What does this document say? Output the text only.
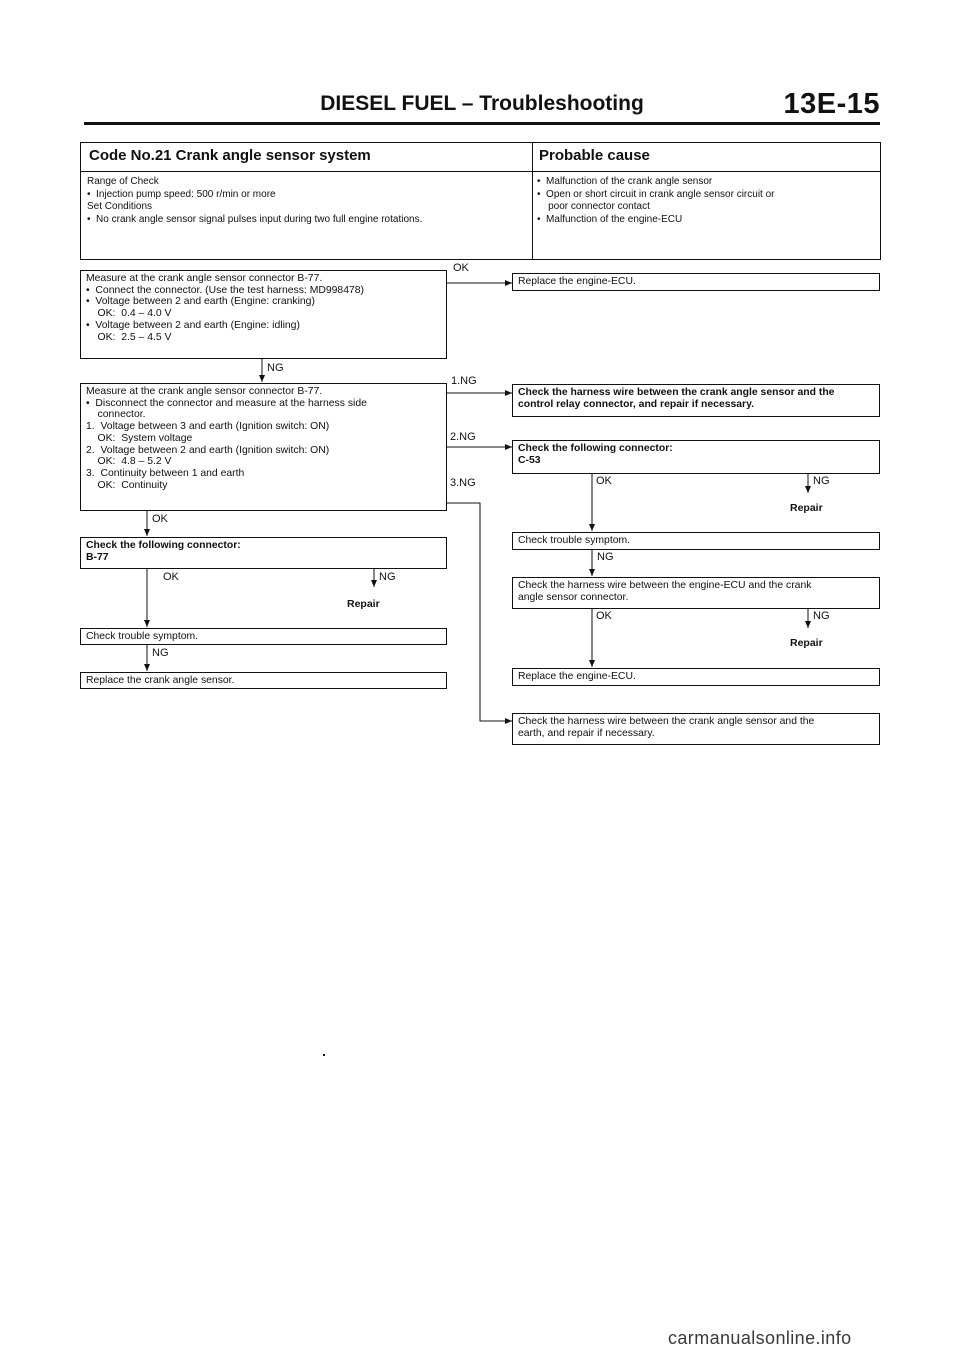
DIESEL FUEL – Troubleshooting	13E-15
Code No.21 Crank angle sensor system	Probable cause
Range of Check
•  Injection pump speed: 500 r/min or more
Set Conditions
•  No crank angle sensor signal pulses input during two full engine rotations.
•  Malfunction of the crank angle sensor
•  Open or short circuit in crank angle sensor circuit or
poor connector contact
•  Malfunction of the engine-ECU
Measure at the crank angle sensor connector B-77.
•  Connect the connector. (Use the test harness: MD998478)
•  Voltage between 2 and earth (Engine: cranking)
OK:  0.4 – 4.0 V
•  Voltage between 2 and earth (Engine: idling)
OK:  2.5 – 4.5 V
Replace the engine-ECU.
Measure at the crank angle sensor connector B-77.
•  Disconnect the connector and measure at the harness side
connector.
1.  Voltage between 3 and earth (Ignition switch: ON)
OK:  System voltage
2.  Voltage between 2 and earth (Ignition switch: ON)
OK:  4.8 – 5.2 V
3.  Continuity between 1 and earth
OK:  Continuity
Check the harness wire between the crank angle sensor and the
control relay connector, and repair if necessary.
Check the following connector:
C-53
Check the following connector:
B-77
Check trouble symptom.
Replace the crank angle sensor.
Check trouble symptom.
Check the harness wire between the engine-ECU and the crank
angle sensor connector.
Replace the engine-ECU.
Check the harness wire between the crank angle sensor and the
earth, and repair if necessary.
OK
NG
1.NG
2.NG
3.NG
OK
OK	NG
Repair
NG
OK	NG
Repair
NG
OK	NG
Repair
carmanualsonline.info
